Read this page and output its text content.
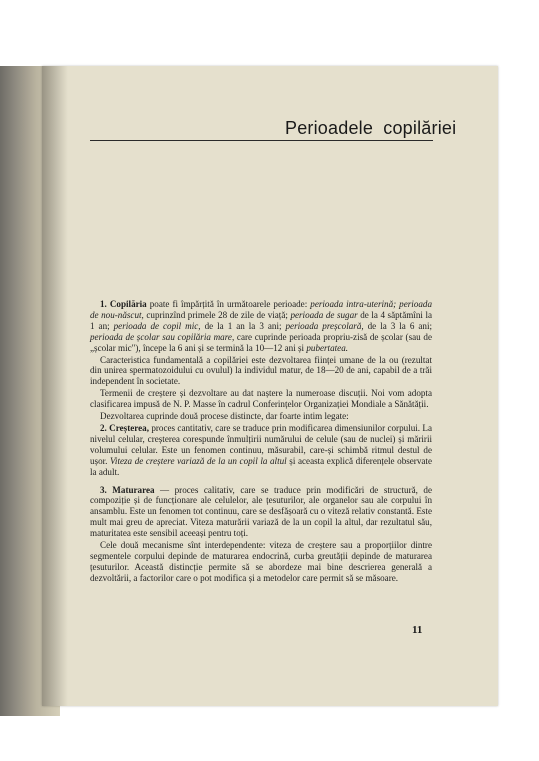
Perioadele copilăriei

1. Copilăria poate fi împărțită în următoarele perioade: perioada intra-uterină; perioada de nou-născut, cuprinzînd primele 28 de zile de viață; perioada de sugar de la 4 săptămîni la 1 an; perioada de copil mic, de la 1 an la 3 ani; perioada preșcolară, de la 3 la 6 ani; perioada de școlar sau copilăria mare, care cuprinde perioada propriu-zisă de școlar (sau de „școlar mic"), începe la 6 ani și se termină la 10—12 ani și pubertatea.

Caracteristica fundamentală a copilăriei este dezvoltarea ființei umane de la ou (rezultat din unirea spermatozoidului cu ovulul) la individul matur, de 18—20 de ani, capabil de a trăi independent în societate.

Termenii de creștere și dezvoltare au dat naștere la numeroase discuții. Noi vom adopta clasificarea impusă de N. P. Masse în cadrul Conferințelor Organizației Mondiale a Sănătății.

Dezvoltarea cuprinde două procese distincte, dar foarte intim legate:

2. Creșterea, proces cantitativ, care se traduce prin modificarea dimensiunilor corpului. La nivelul celular, creșterea corespunde înmulțirii numărului de celule (sau de nuclei) și măririi volumului celular. Este un fenomen continuu, măsurabil, care-și schimbă ritmul destul de ușor. Viteza de creștere variază de la un copil la altul și aceasta explică diferențele observate la adult.

3. Maturarea — proces calitativ, care se traduce prin modificări de structură, de compoziție și de funcționare ale celulelor, ale țesuturilor, ale organelor sau ale corpului în ansamblu. Este un fenomen tot continuu, care se desfășoară cu o viteză relativ constantă. Este mult mai greu de apreciat. Viteza maturării variază de la un copil la altul, dar rezultatul său, maturitatea este sensibil aceeași pentru toți.

Cele două mecanisme sînt interdependente: viteza de creștere sau a proporțiilor dintre segmentele corpului depinde de maturarea endocrină, curba greutății depinde de maturarea țesuturilor. Această distincție permite să se abordeze mai bine descrierea generală a dezvoltării, a factorilor care o pot modifica și a metodelor care permit să se măsoare.

11
